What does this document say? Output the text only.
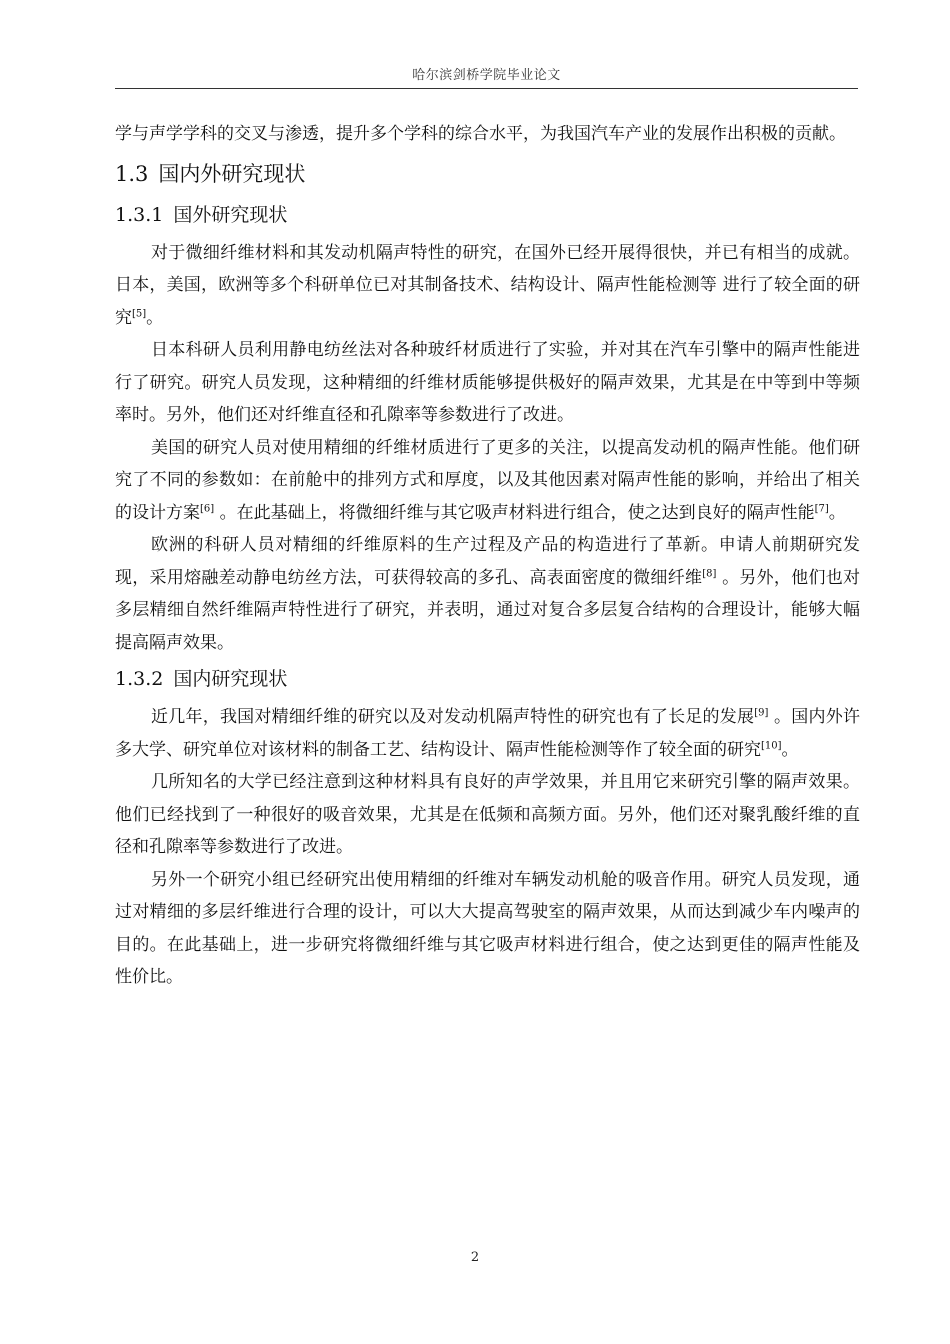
哈尔滨剑桥学院毕业论文

学与声学学科的交叉与渗透，提升多个学科的综合水平，为我国汽车产业的发展作出积极的贡献。

1.3 国内外研究现状
1.3.1 国外研究现状

对于微细纤维材料和其发动机隔声特性的研究，在国外已经开展得很快，并已有相当的成就。 日本，美国，欧洲等多个科研单位已对其制备技术、结构设计、隔声性能检测等 进行了较全面的研究[5]。

日本科研人员利用静电纺丝法对各种玻纤材质进行了实验，并对其在汽车引擎中的隔声性能进行了研究。研究人员发现，这种精细的纤维材质能够提供极好的隔声效果，尤其是在中等到中等频率时。另外，他们还对纤维直径和孔隙率等参数进行了改进。

美国的研究人员对使用精细的纤维材质进行了更多的关注，以提高发动机的隔声性能。他们研究了不同的参数如：在前舱中的排列方式和厚度，以及其他因素对隔声性能的影响，并给出了相关的设计方案[6] 。在此基础上，将微细纤维与其它吸声材料进行组合，使之达到良好的隔声性能[7]。

欧洲的科研人员对精细的纤维原料的生产过程及产品的构造进行了革新。申请人前期研究发现，采用熔融差动静电纺丝方法，可获得较高的多孔、高表面密度的微细纤维[8] 。另外，他们也对多层精细自然纤维隔声特性进行了研究，并表明，通过对复合多层复合结构的合理设计，能够大幅提高隔声效果。

1.3.2 国内研究现状

近几年，我国对精细纤维的研究以及对发动机隔声特性的研究也有了长足的发展[9] 。国内外许多大学、研究单位对该材料的制备工艺、结构设计、隔声性能检测等作了较全面的研究[10]。

几所知名的大学已经注意到这种材料具有良好的声学效果，并且用它来研究引擎的隔声效果。他们已经找到了一种很好的吸音效果，尤其是在低频和高频方面。另外，他们还对聚乳酸纤维的直径和孔隙率等参数进行了改进。

另外一个研究小组已经研究出使用精细的纤维对车辆发动机舱的吸音作用。研究人员发现，通过对精细的多层纤维进行合理的设计，可以大大提高驾驶室的隔声效果，从而达到减少车内噪声的目的。在此基础上，进一步研究将微细纤维与其它吸声材料进行组合，使之达到更佳的隔声性能及性价比。

2
